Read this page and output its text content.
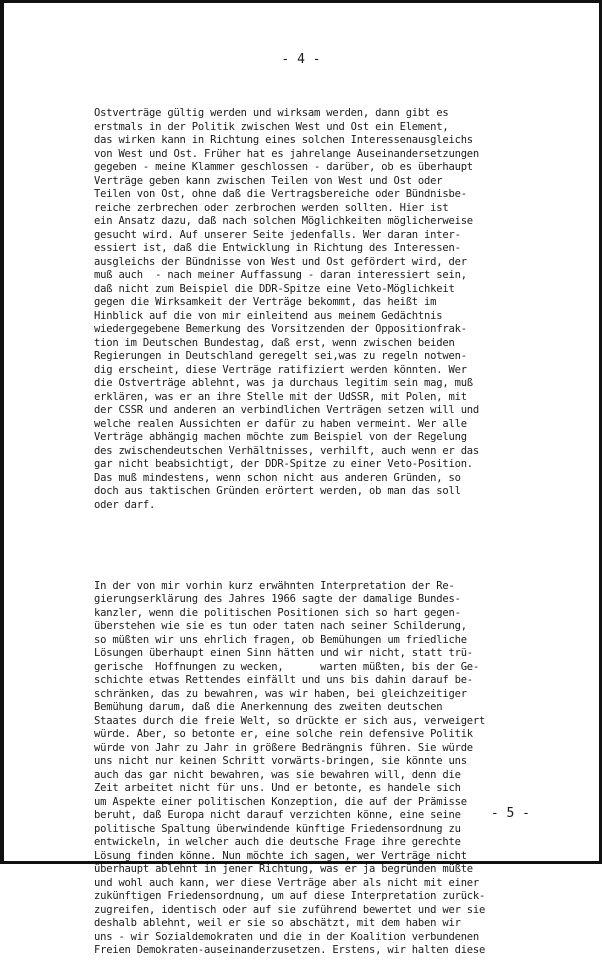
- 4 -

Ostverträge gültig werden und wirksam werden, dann gibt es
erstmals in der Politik zwischen West und Ost ein Element,
das wirken kann in Richtung eines solchen Interessenausgleichs
von West und Ost. Früher hat es jahrelange Auseinandersetzungen
gegeben - meine Klammer geschlossen - darüber, ob es überhaupt
Verträge geben kann zwischen Teilen von West und Ost oder
Teilen von Ost, ohne daß die Vertragsbereiche oder Bündnisbe-
reiche zerbrechen oder zerbrochen werden sollten. Hier ist
ein Ansatz dazu, daß nach solchen Möglichkeiten möglicherweise
gesucht wird. Auf unserer Seite jedenfalls. Wer daran inter-
essiert ist, daß die Entwicklung in Richtung des Interessen-
ausgleichs der Bündnisse von West und Ost gefördert wird, der
muß auch  - nach meiner Auffassung - daran interessiert sein,
daß nicht zum Beispiel die DDR-Spitze eine Veto-Möglichkeit
gegen die Wirksamkeit der Verträge bekommt, das heißt im
Hinblick auf die von mir einleitend aus meinem Gedächtnis
wiedergegebene Bemerkung des Vorsitzenden der Oppositionfrak-
tion im Deutschen Bundestag, daß erst, wenn zwischen beiden
Regierungen in Deutschland geregelt sei,was zu regeln notwen-
dig erscheint, diese Verträge ratifiziert werden könnten. Wer
die Ostverträge ablehnt, was ja durchaus legitim sein mag, muß
erklären, was er an ihre Stelle mit der UdSSR, mit Polen, mit
der CSSR und anderen an verbindlichen Verträgen setzen will und
welche realen Aussichten er dafür zu haben vermeint. Wer alle
Verträge abhängig machen möchte zum Beispiel von der Regelung
des zwischendeutschen Verhältnisses, verhilft, auch wenn er das
gar nicht beabsichtigt, der DDR-Spitze zu einer Veto-Position.
Das muß mindestens, wenn schon nicht aus anderen Gründen, so
doch aus taktischen Gründen erörtert werden, ob man das soll
oder darf.

In der von mir vorhin kurz erwähnten Interpretation der Re-
gierungserklärung des Jahres 1966 sagte der damalige Bundes-
kanzler, wenn die politischen Positionen sich so hart gegen-
überstehen wie sie es tun oder taten nach seiner Schilderung,
so müßten wir uns ehrlich fragen, ob Bemühungen um friedliche
Lösungen überhaupt einen Sinn hätten und wir nicht, statt trü-
gerische  Hoffnungen zu wecken,      warten müßten, bis der Ge-
schichte etwas Rettendes einfällt und uns bis dahin darauf be-
schränken, das zu bewahren, was wir haben, bei gleichzeitiger
Bemühung darum, daß die Anerkennung des zweiten deutschen
Staates durch die freie Welt, so drückte er sich aus, verweigert
würde. Aber, so betonte er, eine solche rein defensive Politik
würde von Jahr zu Jahr in größere Bedrängnis führen. Sie würde
uns nicht nur keinen Schritt vorwärts-bringen, sie könnte uns
auch das gar nicht bewahren, was sie bewahren will, denn die
Zeit arbeitet nicht für uns. Und er betonte, es handele sich
um Aspekte einer politischen Konzeption, die auf der Prämisse
beruht, daß Europa nicht darauf verzichten könne, eine seine
politische Spaltung überwindende künftige Friedensordnung zu
entwickeln, in welcher auch die deutsche Frage ihre gerechte
Lösung finden könne. Nun möchte ich sagen, wer Verträge nicht
überhaupt ablehnt in jener Richtung, was er ja begründen müßte
und wohl auch kann, wer diese Verträge aber als nicht mit einer
zukünftigen Friedensordnung, um auf diese Interpretation zurück-
zugreifen, identisch oder auf sie zuführend bewertet und wer sie
deshalb ablehnt, weil er sie so abschätzt, mit dem haben wir
uns - wir Sozialdemokraten und die in der Koalition verbundenen
Freien Demokraten-auseinanderzusetzen. Erstens, wir halten diese

- 5 -
